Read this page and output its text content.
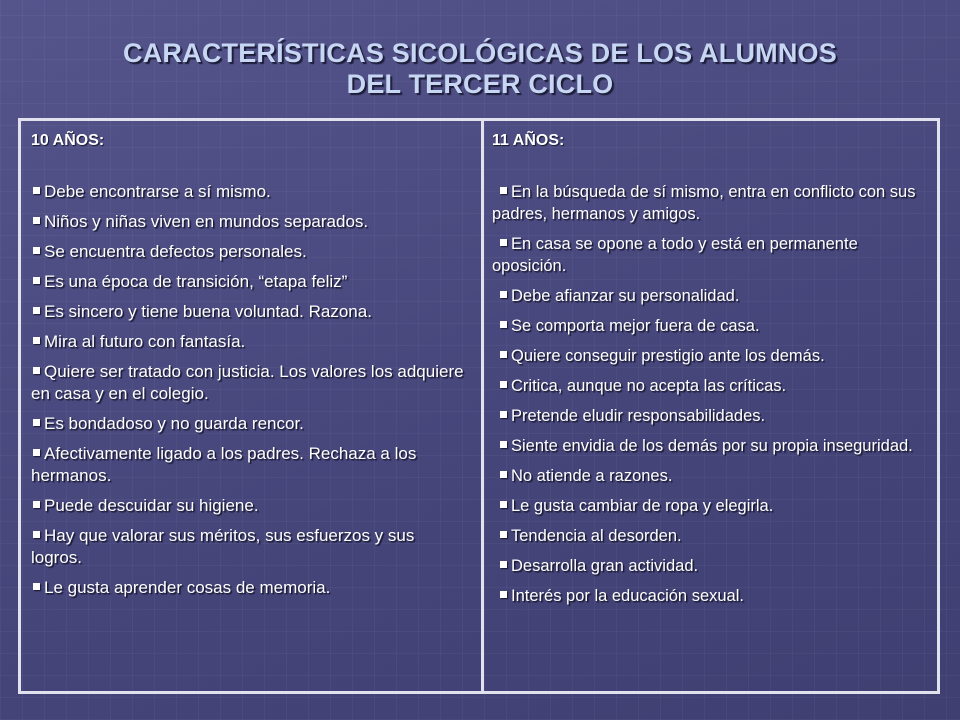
CARACTERÍSTICAS SICOLÓGICAS DE LOS ALUMNOS
DEL TERCER CICLO
10 AÑOS:
Debe encontrarse a sí mismo.
Niños y niñas viven en mundos separados.
Se encuentra defectos personales.
Es una época de transición, “etapa feliz”
Es sincero y tiene buena voluntad. Razona.
Mira al futuro con fantasía.
Quiere ser tratado con justicia. Los valores los adquiere en casa y en el colegio.
Es bondadoso y no guarda rencor.
Afectivamente ligado a los padres. Rechaza a los hermanos.
Puede descuidar su higiene.
Hay que valorar sus méritos, sus esfuerzos y sus logros.
Le gusta aprender cosas de memoria.
11 AÑOS:
En la búsqueda de sí mismo, entra en conflicto con sus padres, hermanos y amigos.
En casa se opone a todo y está en permanente oposición.
Debe afianzar su personalidad.
Se comporta mejor fuera de casa.
Quiere conseguir prestigio ante los demás.
Critica, aunque no acepta las críticas.
Pretende eludir responsabilidades.
Siente envidia de los demás por su propia inseguridad.
No atiende a razones.
Le gusta cambiar de ropa y elegirla.
Tendencia al desorden.
Desarrolla gran actividad.
Interés por la educación sexual.
